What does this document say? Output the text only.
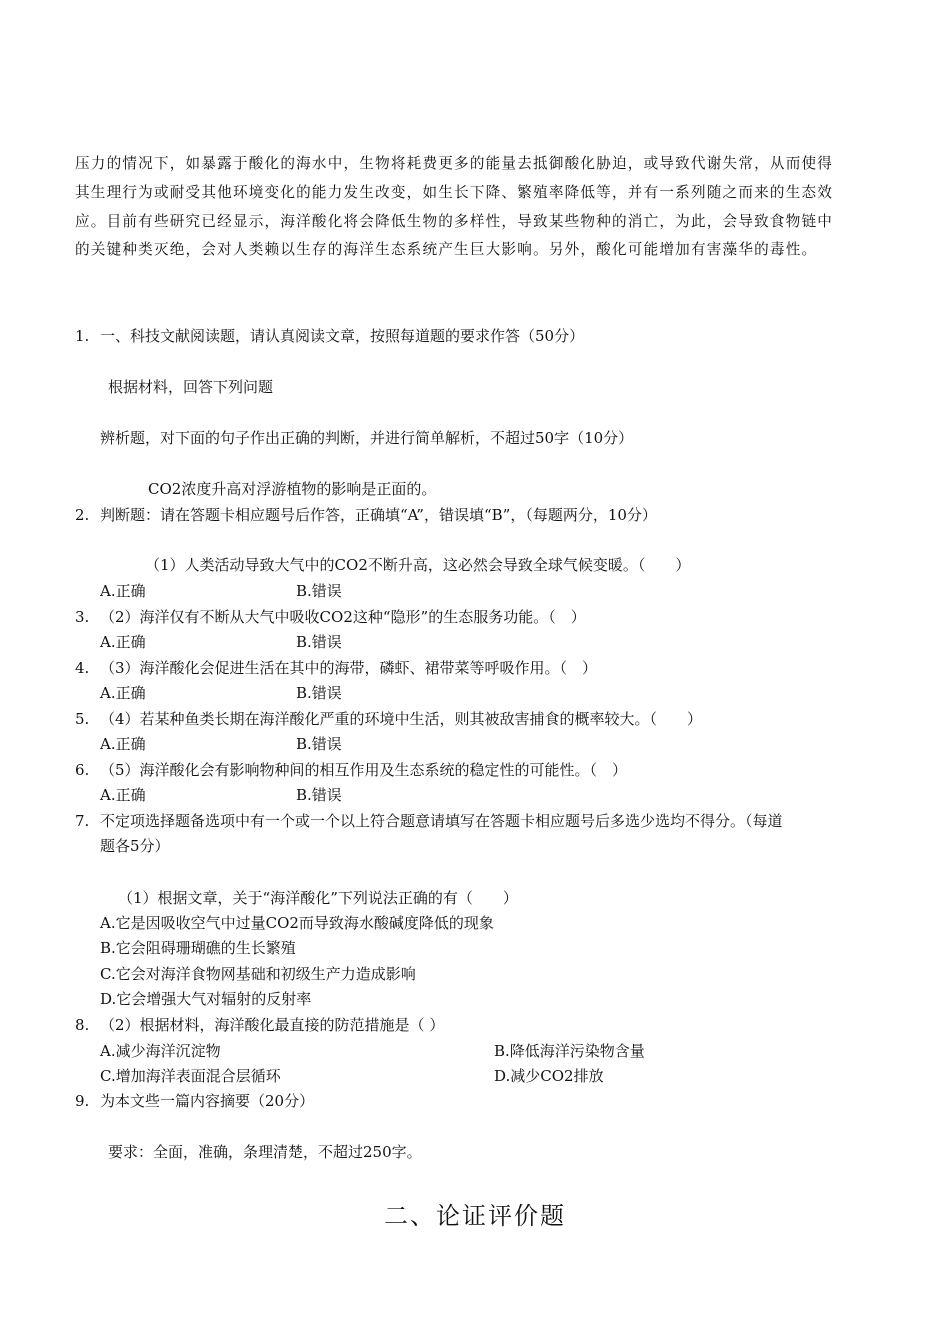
压力的情况下，如暴露于酸化的海水中，生物将耗费更多的能量去抵御酸化胁迫，或导致代谢失常，从而使得
其生理行为或耐受其他环境变化的能力发生改变，如生长下降、繁殖率降低等，并有一系列随之而来的生态效
应。目前有些研究已经显示，海洋酸化将会降低生物的多样性，导致某些物种的消亡，为此，会导致食物链中
的关键种类灭绝，会对人类赖以生存的海洋生态系统产生巨大影响。另外，酸化可能增加有害藻华的毒性。
1. 一、科技文献阅读题，请认真阅读文章，按照每道题的要求作答（50分）
根据材料，回答下列问题
辨析题，对下面的句子作出正确的判断，并进行简单解析，不超过50字（10分）
CO2浓度升高对浮游植物的影响是正面的。
2. 判断题：请在答题卡相应题号后作答，正确填“A”，错误填“B”，（每题两分，10分）
（1）人类活动导致大气中的CO2不断升高，这必然会导致全球气候变暖。（　　）
A.正确	B.错误
3. （2）海洋仅有不断从大气中吸收CO2这种“隐形”的生态服务功能。（　）
A.正确	B.错误
4. （3）海洋酸化会促进生活在其中的海带，磷虾、裙带菜等呼吸作用。（　）
A.正确	B.错误
5. （4）若某种鱼类长期在海洋酸化严重的环境中生活，则其被敌害捕食的概率较大。（　　）
A.正确	B.错误
6. （5）海洋酸化会有影响物种间的相互作用及生态系统的稳定性的可能性。（　）
A.正确	B.错误
7. 不定项选择题备选项中有一个或一个以上符合题意请填写在答题卡相应题号后多选少选均不得分。（每道
题各5分）
（1）根据文章，关于“海洋酸化”下列说法正确的有（　　）
A.它是因吸收空气中过量CO2而导致海水酸碱度降低的现象
B.它会阻碍珊瑚礁的生长繁殖
C.它会对海洋食物网基础和初级生产力造成影响
D.它会增强大气对辐射的反射率
8. （2）根据材料，海洋酸化最直接的防范措施是（ ）
A.减少海洋沉淀物	B.降低海洋污染物含量
C.增加海洋表面混合层循环	D.减少CO2排放
9. 为本文些一篇内容摘要（20分）
要求：全面，准确，条理清楚，不超过250字。
二、论证评价题
